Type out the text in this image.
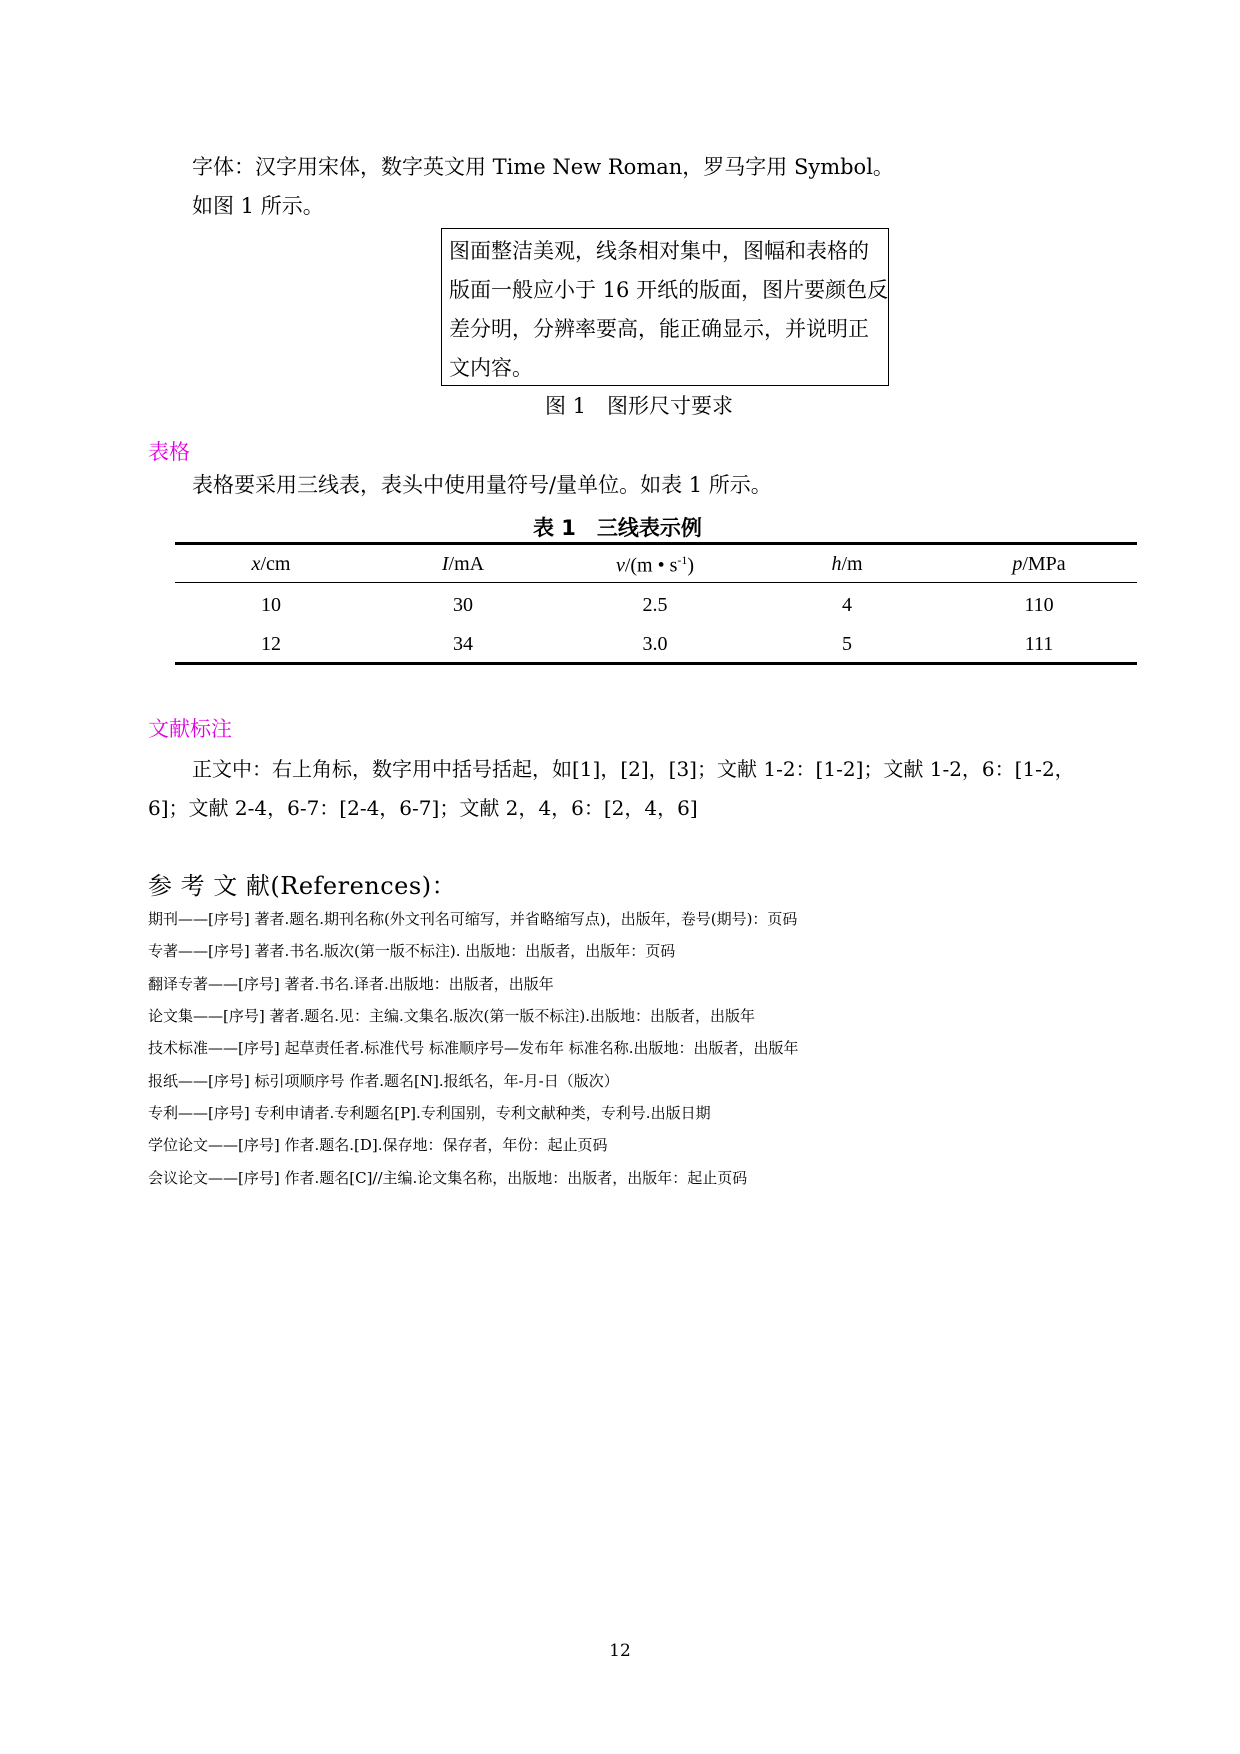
字体：汉字用宋体，数字英文用 Time New Roman，罗马字用 Symbol。
如图 1 所示。
图面整洁美观，线条相对集中，图幅和表格的
版面一般应小于 16 开纸的版面，图片要颜色反
差分明，分辨率要高，能正确显示，并说明正
文内容。
图 1　图形尺寸要求
表格
表格要采用三线表，表头中使用量符号/量单位。如表 1 所示。
表 1　三线表示例
x/cm	I/mA	v/(m • $s^{-1}$)	h/m	p/MPa
10	30	2.5	4	110
12	34	3.0	5	111
文献标注
正文中：右上角标，数字用中括号括起，如[1]，[2]，[3]；文献 1-2：[1-2]；文献 1-2，6：[1-2，
6]；文献 2-4，6-7：[2-4，6-7]；文献 2，4，6：[2，4，6]
参 考 文 献(References)：
期刊——[序号] 著者.题名.期刊名称(外文刊名可缩写，并省略缩写点)，出版年，卷号(期号)：页码
专著——[序号] 著者.书名.版次(第一版不标注). 出版地：出版者，出版年：页码
翻译专著——[序号] 著者.书名.译者.出版地：出版者，出版年
论文集——[序号] 著者.题名.见：主编.文集名.版次(第一版不标注).出版地：出版者，出版年
技术标准——[序号] 起草责任者.标准代号 标准顺序号—发布年 标准名称.出版地：出版者，出版年
报纸——[序号] 标引项顺序号 作者.题名[N].报纸名，年-月-日（版次）
专利——[序号] 专利申请者.专利题名[P].专利国别，专利文献种类，专利号.出版日期
学位论文——[序号] 作者.题名.[D].保存地：保存者，年份：起止页码
会议论文——[序号] 作者.题名[C]//主编.论文集名称，出版地：出版者，出版年：起止页码
12
